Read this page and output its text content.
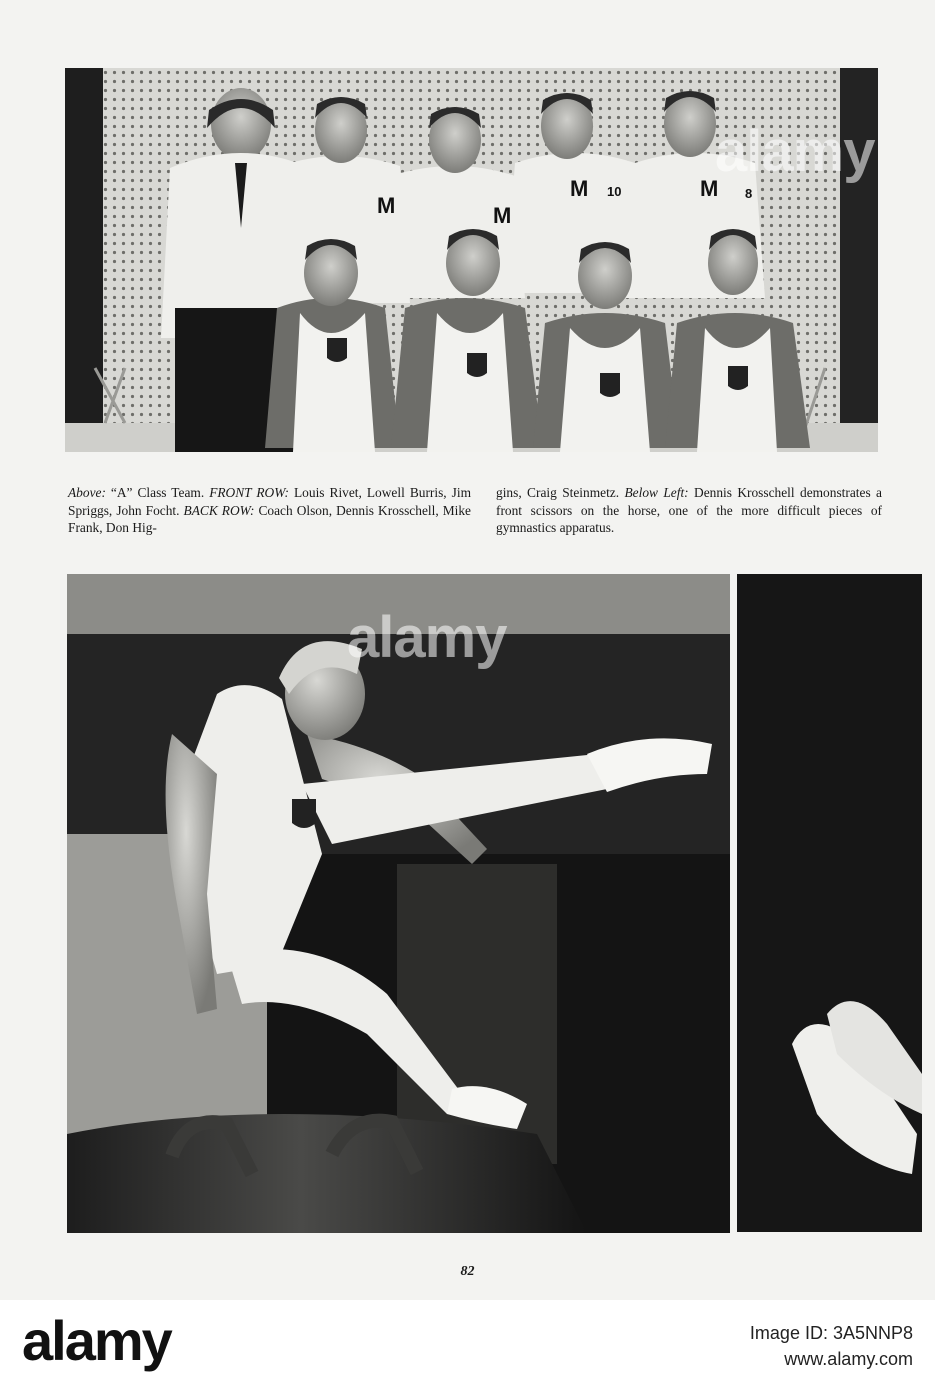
M	M
M 10	M 8
alamy
Above: “A” Class Team. FRONT ROW: Louis Rivet, Lowell Burris, Jim Spriggs, John Focht. BACK ROW: Coach Olson, Dennis Krosschell, Mike Frank, Don Hig-
gins, Craig Steinmetz. Below Left: Dennis Krosschell demonstrates a front scissors on the horse, one of the more difficult pieces of gymnastics apparatus.
alamy
82
alamy	Image ID: 3A5NNP8
www.alamy.com
